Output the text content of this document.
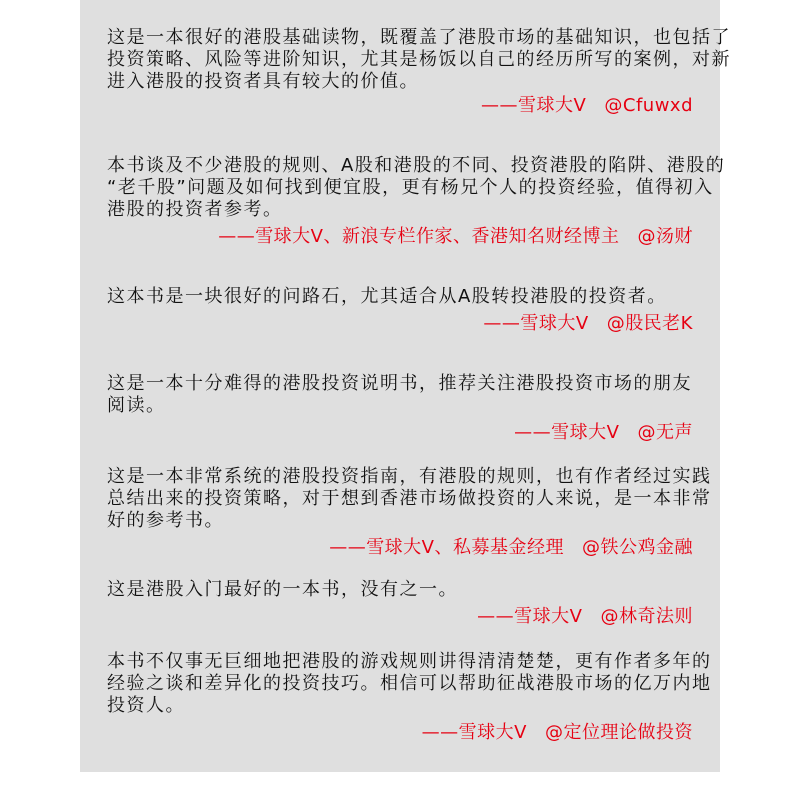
这是一本很好的港股基础读物，既覆盖了港股市场的基础知识，也包括了
投资策略、风险等进阶知识，尤其是杨饭以自己的经历所写的案例，对新
进入港股的投资者具有较大的价值。
——雪球大V @Cfuwxd
本书谈及不少港股的规则、A股和港股的不同、投资港股的陷阱、港股的
“老千股”问题及如何找到便宜股，更有杨兄个人的投资经验，值得初入
港股的投资者参考。
——雪球大V、新浪专栏作家、香港知名财经博主 @汤财
这本书是一块很好的问路石，尤其适合从A股转投港股的投资者。
——雪球大V @股民老K
这是一本十分难得的港股投资说明书，推荐关注港股投资市场的朋友
阅读。
——雪球大V @无声
这是一本非常系统的港股投资指南，有港股的规则，也有作者经过实践
总结出来的投资策略，对于想到香港市场做投资的人来说，是一本非常
好的参考书。
——雪球大V、私募基金经理 @铁公鸡金融
这是港股入门最好的一本书，没有之一。
——雪球大V @林奇法则
本书不仅事无巨细地把港股的游戏规则讲得清清楚楚，更有作者多年的
经验之谈和差异化的投资技巧。相信可以帮助征战港股市场的亿万内地
投资人。
——雪球大V @定位理论做投资
